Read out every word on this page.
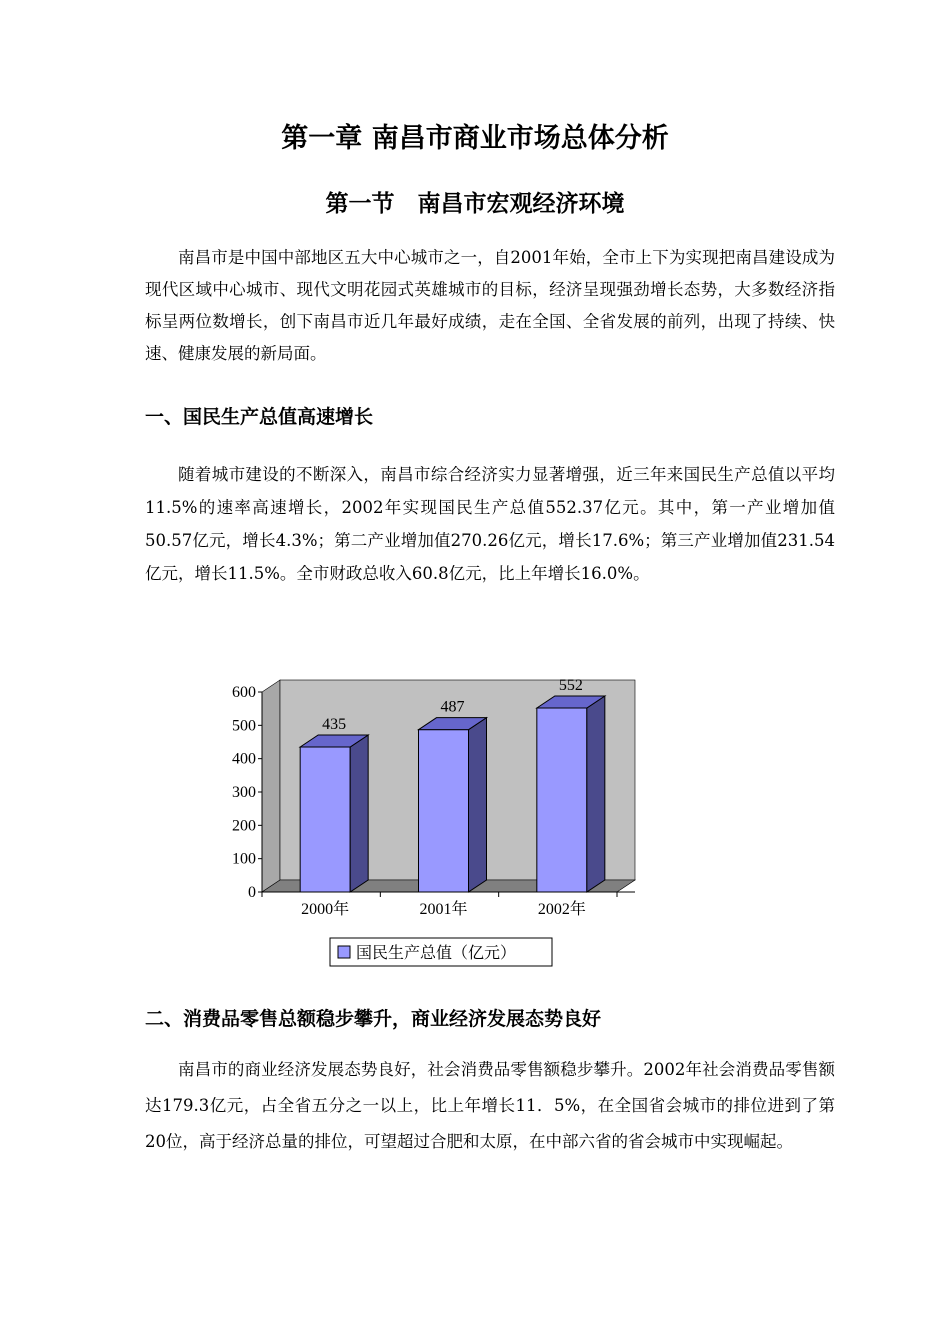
第一章 南昌市商业市场总体分析
第一节　南昌市宏观经济环境
南昌市是中国中部地区五大中心城市之一，自2001年始，全市上下为实现把南昌建设成为现代区域中心城市、现代文明花园式英雄城市的目标，经济呈现强劲增长态势，大多数经济指标呈两位数增长，创下南昌市近几年最好成绩，走在全国、全省发展的前列，出现了持续、快速、健康发展的新局面。
一、国民生产总值高速增长
随着城市建设的不断深入，南昌市综合经济实力显著增强，近三年来国民生产总值以平均11.5%的速率高速增长，2002年实现国民生产总值552.37亿元。其中，第一产业增加值50.57亿元，增长4.3%；第二产业增加值270.26亿元，增长17.6%；第三产业增加值231.54亿元，增长11.5%。全市财政总收入60.8亿元，比上年增长16.0%。
0
100
200
300
400
500
600
435
2000年
487
2001年
552
2002年
国民生产总值（亿元）
二、消费品零售总额稳步攀升，商业经济发展态势良好
南昌市的商业经济发展态势良好，社会消费品零售额稳步攀升。2002年社会消费品零售额达179.3亿元，占全省五分之一以上，比上年增长11．5%，在全国省会城市的排位进到了第20位，高于经济总量的排位，可望超过合肥和太原，在中部六省的省会城市中实现崛起。
